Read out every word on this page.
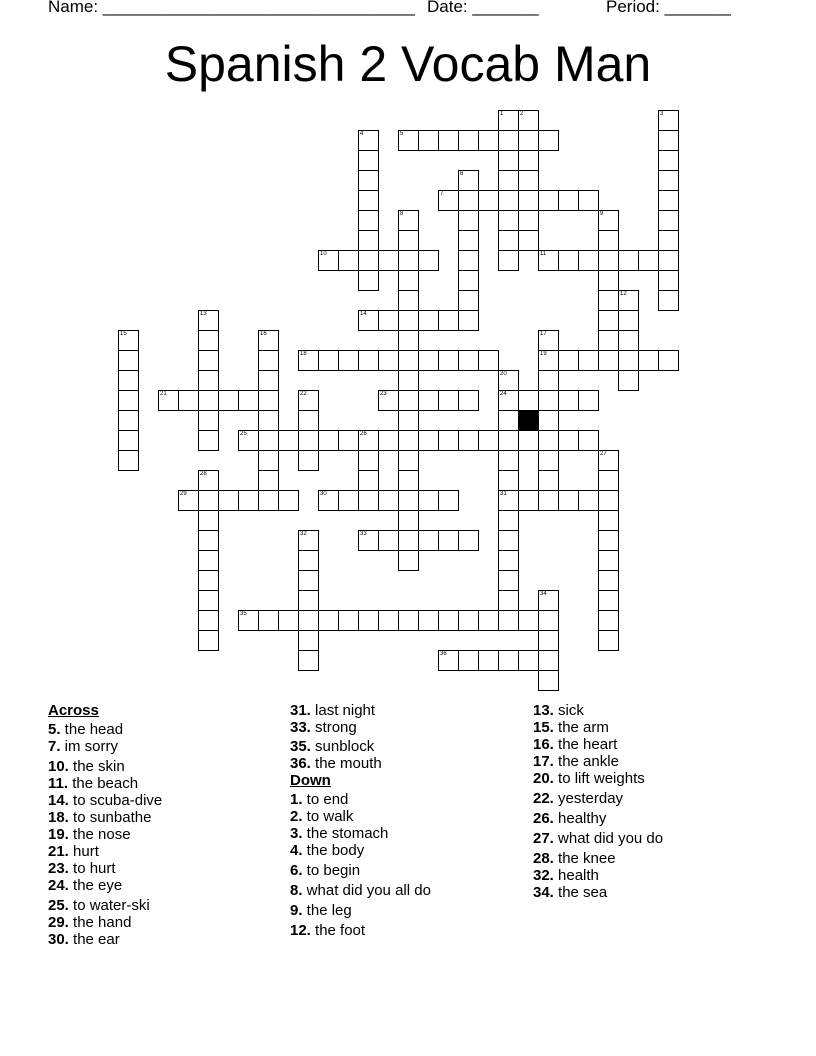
Name: _________________________________ Date: _______	Period: _______
Spanish 2 Vocab Man
1	2	3
4	5
6
7
8	9
10	11
12
13	14
15	16	17
18	19
20
21	22	23	24
25	26
27
28
29	30	31
32	33
34
35
36
Across
5. the head
7. im sorry
10. the skin
11. the beach
14. to scuba-dive
18. to sunbathe
19. the nose
21. hurt
23. to hurt
24. the eye
25. to water-ski
29. the hand
30. the ear
31. last night
33. strong
35. sunblock
36. the mouth
Down
1. to end
2. to walk
3. the stomach
4. the body
6. to begin
8. what did you all do
9. the leg
12. the foot
13. sick
15. the arm
16. the heart
17. the ankle
20. to lift weights
22. yesterday
26. healthy
27. what did you do
28. the knee
32. health
34. the sea
